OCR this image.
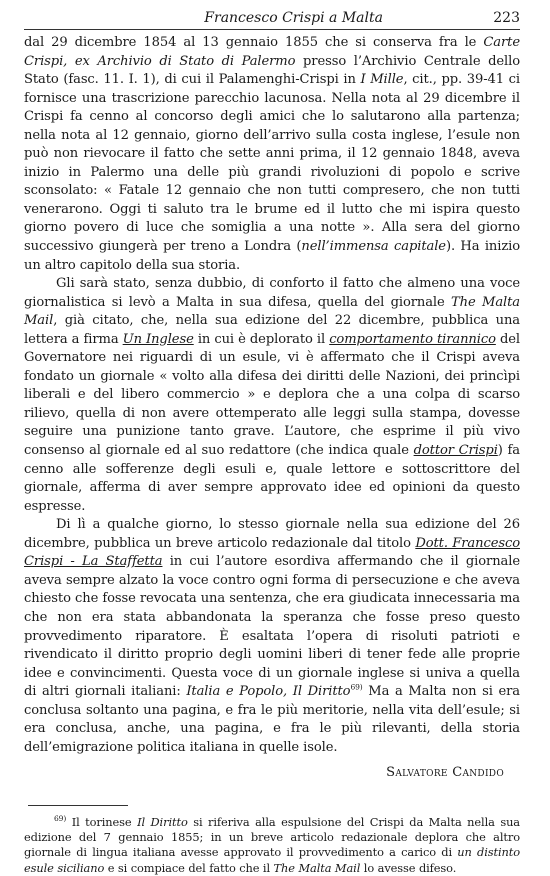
Francesco Crispi a Malta	223

dal 29 dicembre 1854 al 13 gennaio 1855 che si conserva fra le Carte Crispi, ex Archivio di Stato di Palermo presso l’Archivio Centrale dello Stato (fasc. 11. I. 1), di cui il Palamenghi-Crispi in I Mille, cit., pp. 39-41 ci fornisce una trascrizione parecchio lacunosa. Nella nota al 29 dicembre il Crispi fa cenno al concorso degli amici che lo salutarono alla partenza; nella nota al 12 gennaio, giorno dell’arrivo sulla costa inglese, l’esule non può non rievocare il fatto che sette anni prima, il 12 gennaio 1848, aveva inizio in Palermo una delle più grandi rivoluzioni di popolo e scrive sconsolato: « Fatale 12 gennaio che non tutti compresero, che non tutti venerarono. Oggi ti saluto tra le brume ed il lutto che mi ispira questo giorno povero di luce che somiglia a una notte ». Alla sera del giorno successivo giungerà per treno a Londra (nell’immensa capitale). Ha inizio un altro capitolo della sua storia.

Gli sarà stato, senza dubbio, di conforto il fatto che almeno una voce giornalistica si levò a Malta in sua difesa, quella del giornale The Malta Mail, già citato, che, nella sua edizione del 22 dicembre, pubblica una lettera a firma Un Inglese in cui è deplorato il comportamento tirannico del Governatore nei riguardi di un esule, vi è affermato che il Crispi aveva fondato un giornale « volto alla difesa dei diritti delle Nazioni, dei princìpi liberali e del libero commercio » e deplora che a una colpa di scarso rilievo, quella di non avere ottemperato alle leggi sulla stampa, dovesse seguire una punizione tanto grave. L’autore, che esprime il più vivo consenso al giornale ed al suo redattore (che indica quale dottor Crispi) fa cenno alle sofferenze degli esuli e, quale lettore e sottoscrittore del giornale, afferma di aver sempre approvato idee ed opinioni da questo espresse.

Di lì a qualche giorno, lo stesso giornale nella sua edizione del 26 dicembre, pubblica un breve articolo redazionale dal titolo Dott. Francesco Crispi - La Staffetta in cui l’autore esordiva affermando che il giornale aveva sempre alzato la voce contro ogni forma di persecuzione e che aveva chiesto che fosse revocata una sentenza, che era giudicata innecessaria ma che non era stata abbandonata la speranza che fosse preso questo provvedimento riparatore. È esaltata l’opera di risoluti patrioti e rivendicato il diritto proprio degli uomini liberi di tener fede alle proprie idee e convincimenti. Questa voce di un giornale inglese si univa a quella di altri giornali italiani: Italia e Popolo, Il Diritto$^{69)}$ Ma a Malta non si era conclusa soltanto una pagina, e fra le più meritorie, nella vita dell’esule; si era conclusa, anche, una pagina, e fra le più rilevanti, della storia dell’emigrazione politica italiana in quelle isole.

Salvatore Candido

$^{69)}$ Il torinese Il Diritto si riferiva alla espulsione del Crispi da Malta nella sua edizione del 7 gennaio 1855; in un breve articolo redazionale deplora che altro giornale di lingua italiana avesse approvato il provvedimento a carico di un distinto esule siciliano e si compiace del fatto che il The Malta Mail lo avesse difeso.
